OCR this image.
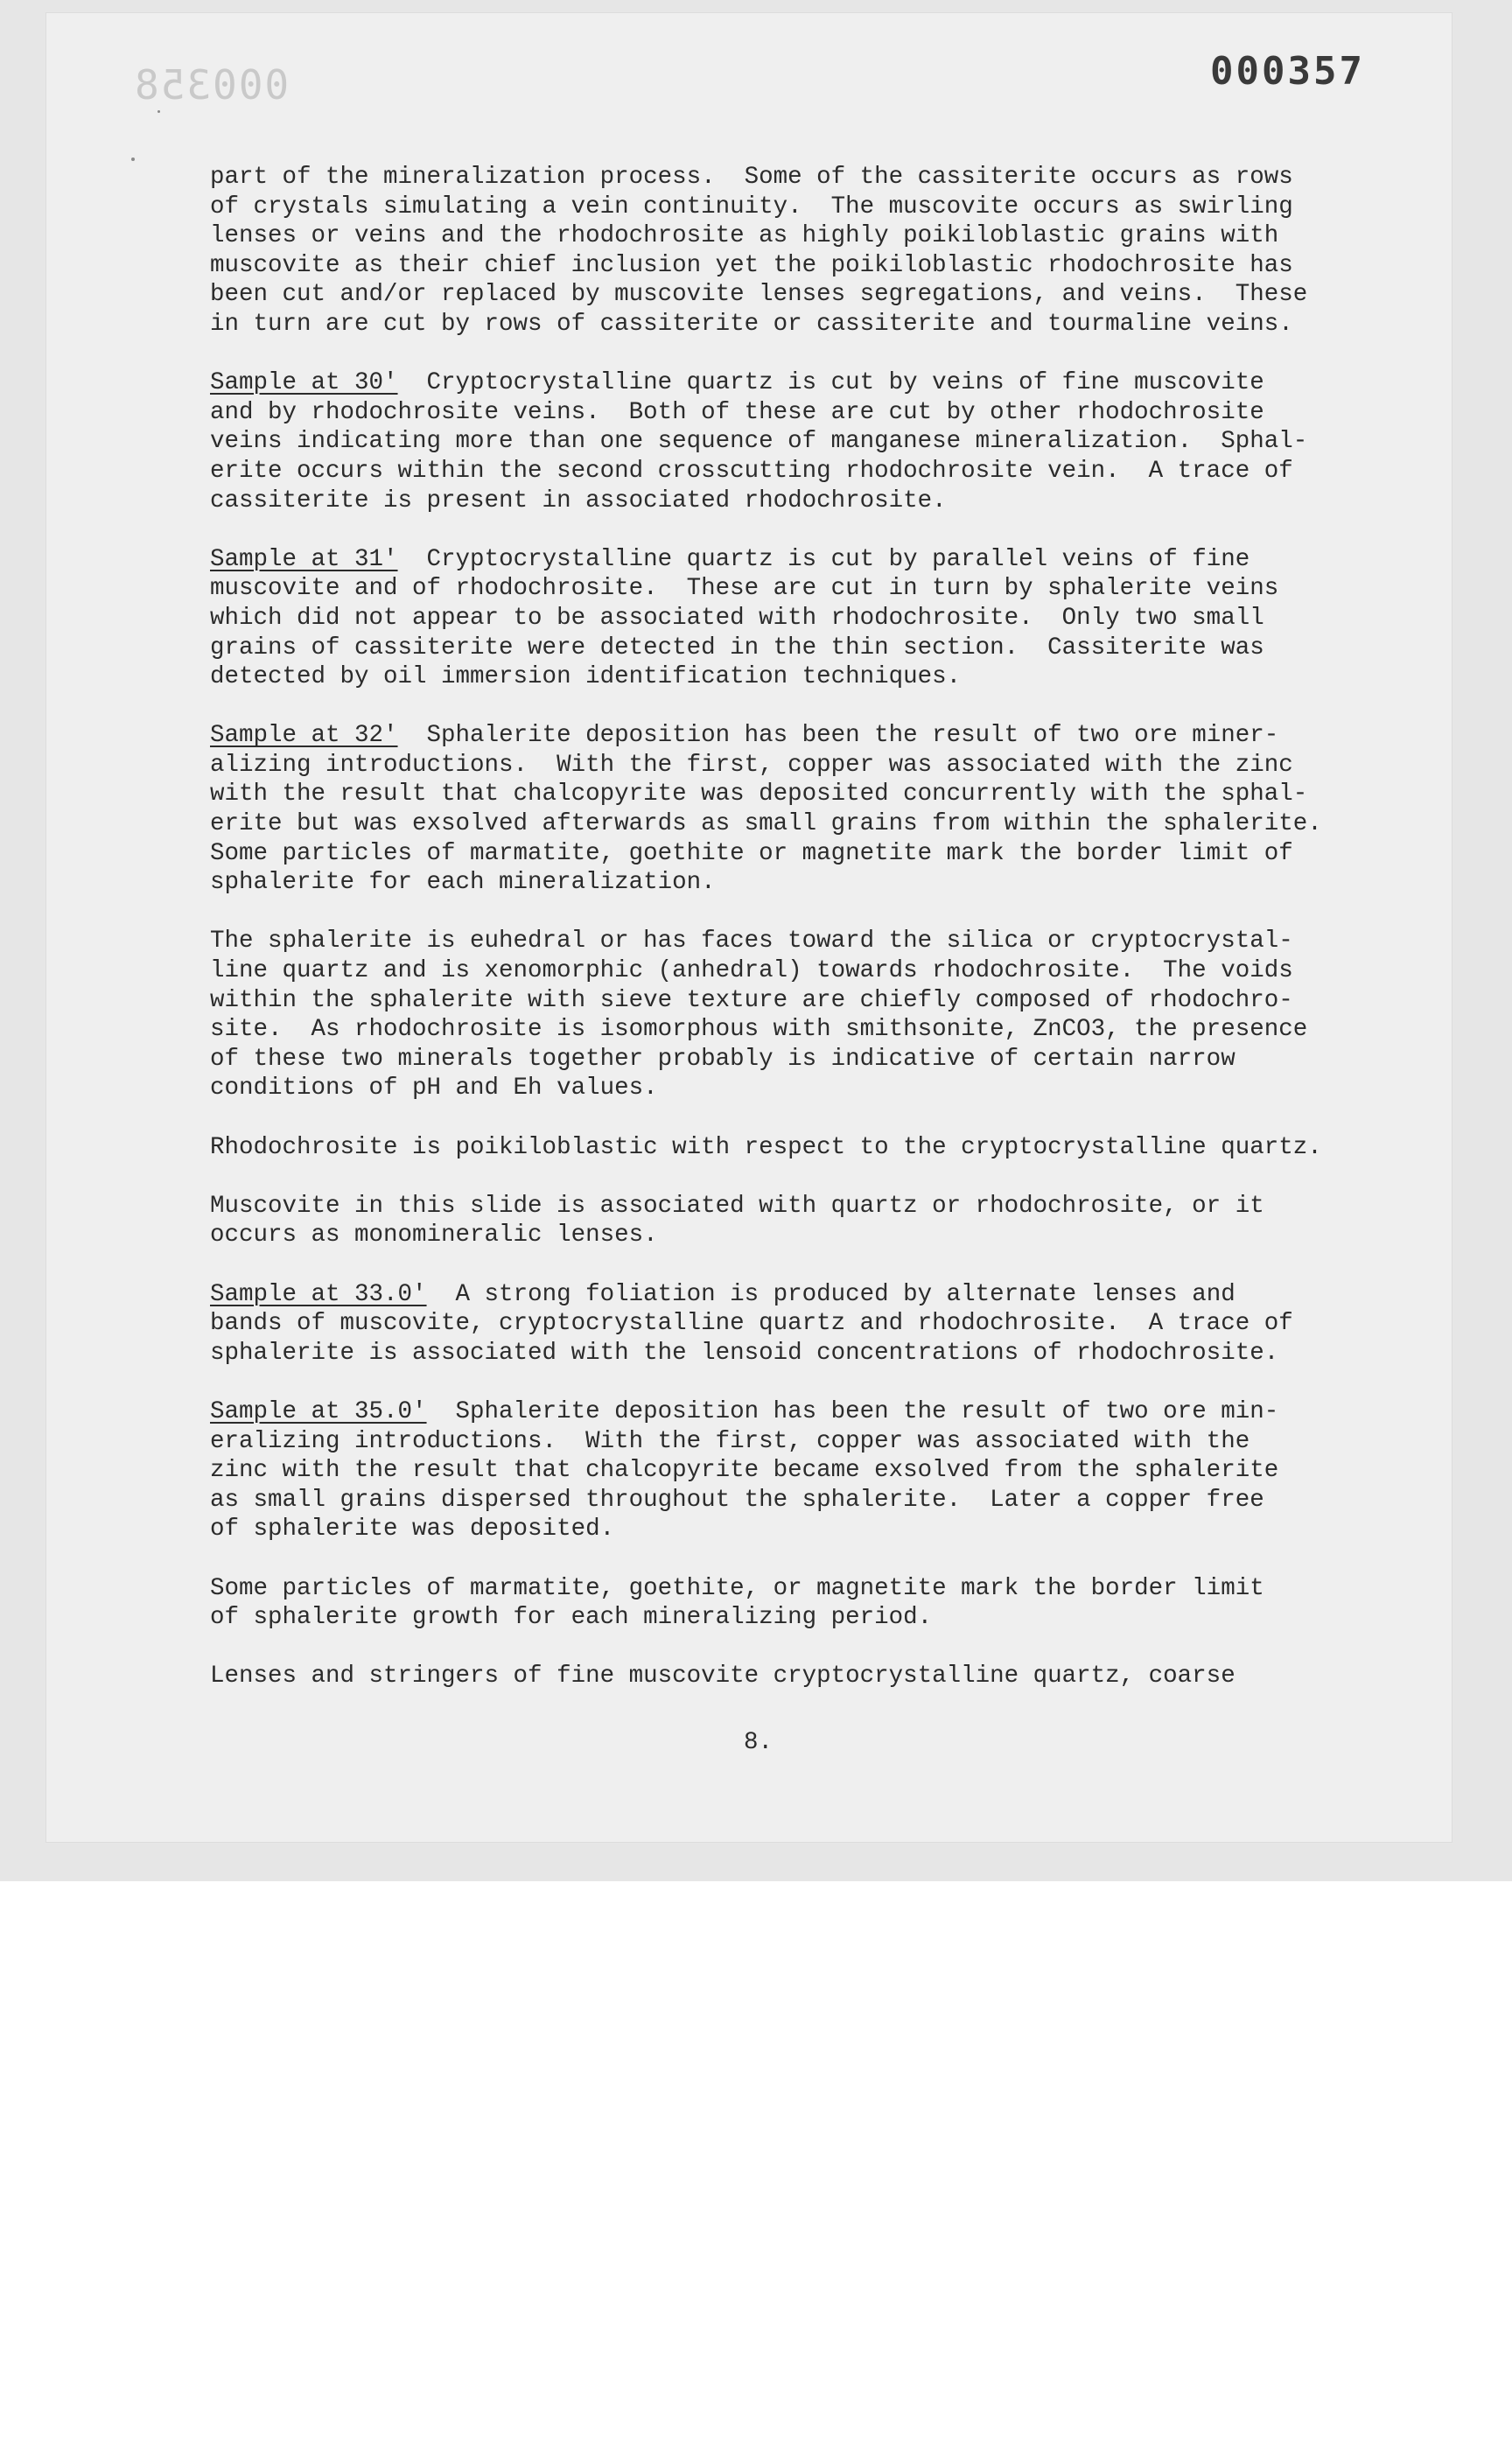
000358	000357
part of the mineralization process.  Some of the cassiterite occurs as rows
of crystals simulating a vein continuity.  The muscovite occurs as swirling
lenses or veins and the rhodochrosite as highly poikiloblastic grains with
muscovite as their chief inclusion yet the poikiloblastic rhodochrosite has
been cut and/or replaced by muscovite lenses segregations, and veins.  These
in turn are cut by rows of cassiterite or cassiterite and tourmaline veins.
Sample at 30'  Cryptocrystalline quartz is cut by veins of fine muscovite
and by rhodochrosite veins.  Both of these are cut by other rhodochrosite
veins indicating more than one sequence of manganese mineralization.  Sphal-
erite occurs within the second crosscutting rhodochrosite vein.  A trace of
cassiterite is present in associated rhodochrosite.
Sample at 31'  Cryptocrystalline quartz is cut by parallel veins of fine
muscovite and of rhodochrosite.  These are cut in turn by sphalerite veins
which did not appear to be associated with rhodochrosite.  Only two small
grains of cassiterite were detected in the thin section.  Cassiterite was
detected by oil immersion identification techniques.
Sample at 32'  Sphalerite deposition has been the result of two ore miner-
alizing introductions.  With the first, copper was associated with the zinc
with the result that chalcopyrite was deposited concurrently with the sphal-
erite but was exsolved afterwards as small grains from within the sphalerite.
Some particles of marmatite, goethite or magnetite mark the border limit of
sphalerite for each mineralization.
The sphalerite is euhedral or has faces toward the silica or cryptocrystal-
line quartz and is xenomorphic (anhedral) towards rhodochrosite.  The voids
within the sphalerite with sieve texture are chiefly composed of rhodochro-
site.  As rhodochrosite is isomorphous with smithsonite, ZnCO3, the presence
of these two minerals together probably is indicative of certain narrow
conditions of pH and Eh values.
Rhodochrosite is poikiloblastic with respect to the cryptocrystalline quartz.
Muscovite in this slide is associated with quartz or rhodochrosite, or it
occurs as monomineralic lenses.
Sample at 33.0'  A strong foliation is produced by alternate lenses and
bands of muscovite, cryptocrystalline quartz and rhodochrosite.  A trace of
sphalerite is associated with the lensoid concentrations of rhodochrosite.
Sample at 35.0'  Sphalerite deposition has been the result of two ore min-
eralizing introductions.  With the first, copper was associated with the
zinc with the result that chalcopyrite became exsolved from the sphalerite
as small grains dispersed throughout the sphalerite.  Later a copper free
of sphalerite was deposited.
Some particles of marmatite, goethite, or magnetite mark the border limit
of sphalerite growth for each mineralizing period.
Lenses and stringers of fine muscovite cryptocrystalline quartz, coarse
8.
